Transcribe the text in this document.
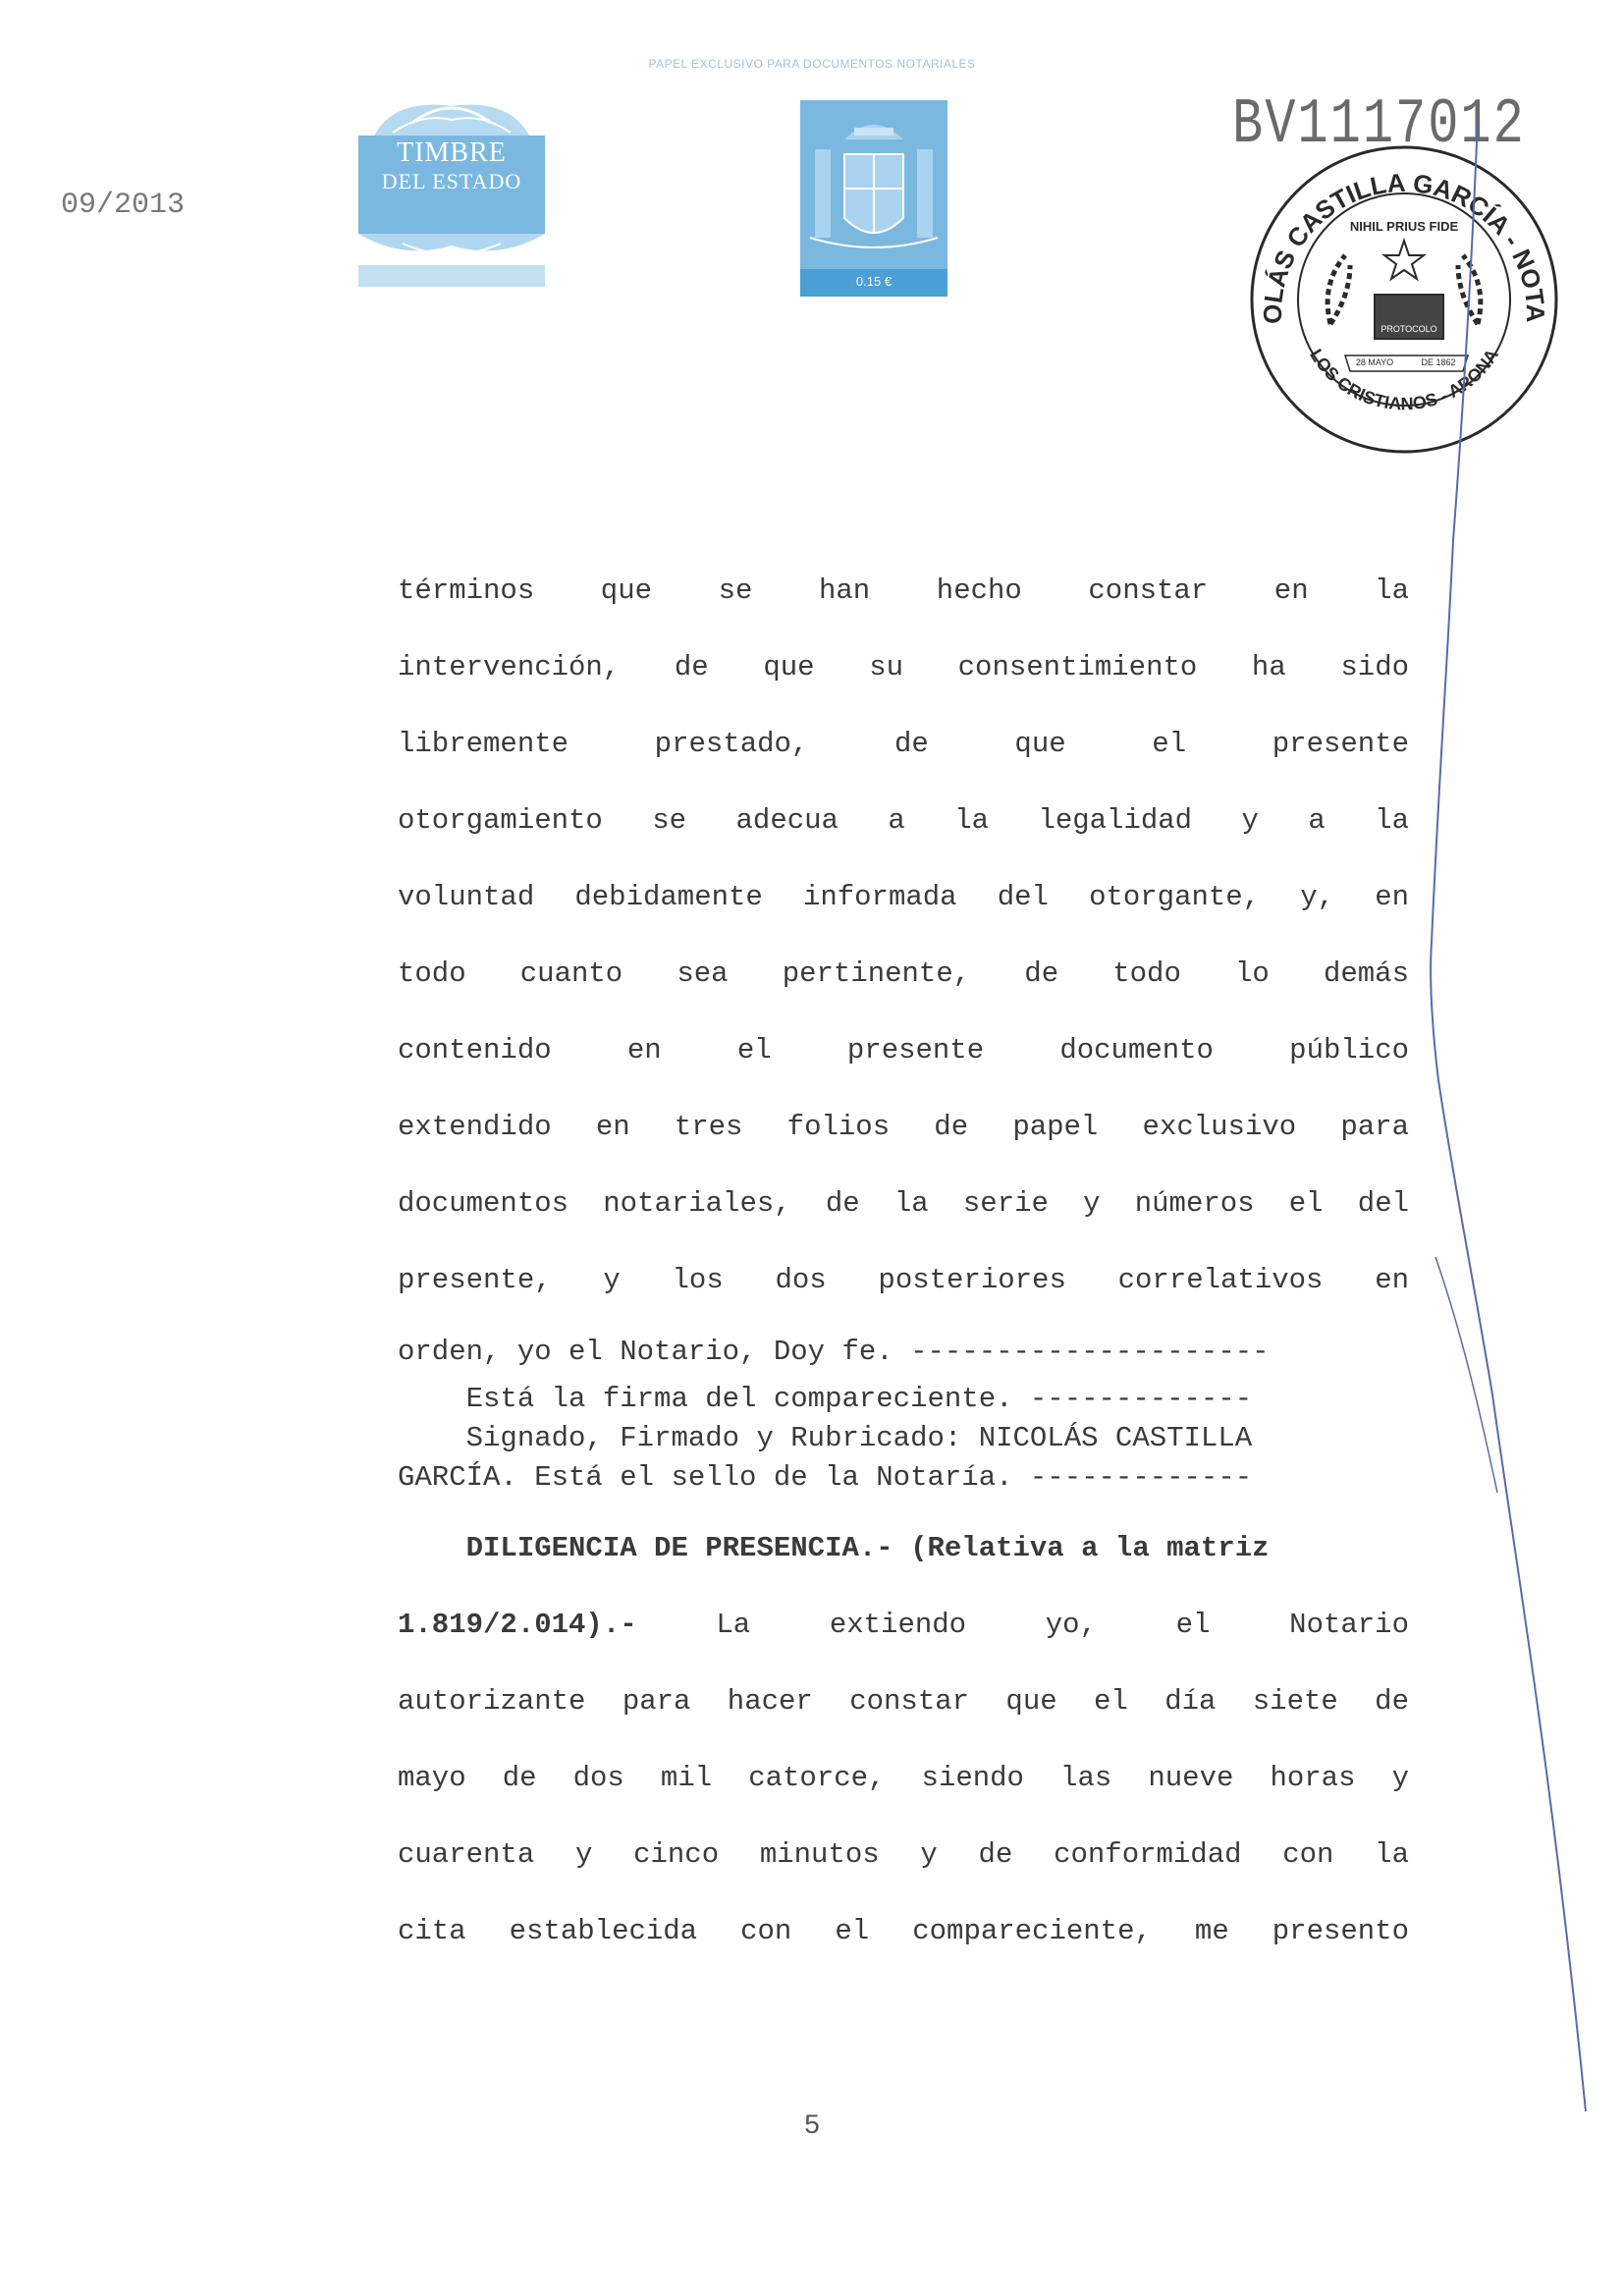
PAPEL EXCLUSIVO PARA DOCUMENTOS NOTARIALES
09/2013
BV1117012
TIMBRE
DEL ESTADO
0.15 €
OLÁS CASTILLA GARCÍA - NOTA
LOS CRISTIANOS - ARONA
NIHIL PRIUS FIDE
PROTOCOLO
28 MAYO	DE 1862
términos que se han hecho constar en la
intervención, de que su consentimiento ha sido
libremente prestado, de que el presente
otorgamiento se adecua a la legalidad y a la
voluntad debidamente informada del otorgante, y, en
todo cuanto sea pertinente, de todo lo demás
contenido en el presente documento público
extendido en tres folios de papel exclusivo para
documentos notariales, de la serie y números el del
presente, y los dos posteriores correlativos en
orden, yo el Notario, Doy fe. ---------------------
Está la firma del compareciente. -------------
Signado, Firmado y Rubricado: NICOLÁS CASTILLA
GARCÍA. Está el sello de la Notaría. -------------
DILIGENCIA DE PRESENCIA.- (Relativa a la matriz
1.819/2.014).- La extiendo yo, el Notario
autorizante para hacer constar que el día siete de
mayo de dos mil catorce, siendo las nueve horas y
cuarenta y cinco minutos y de conformidad con la
cita establecida con el compareciente, me presento
5
